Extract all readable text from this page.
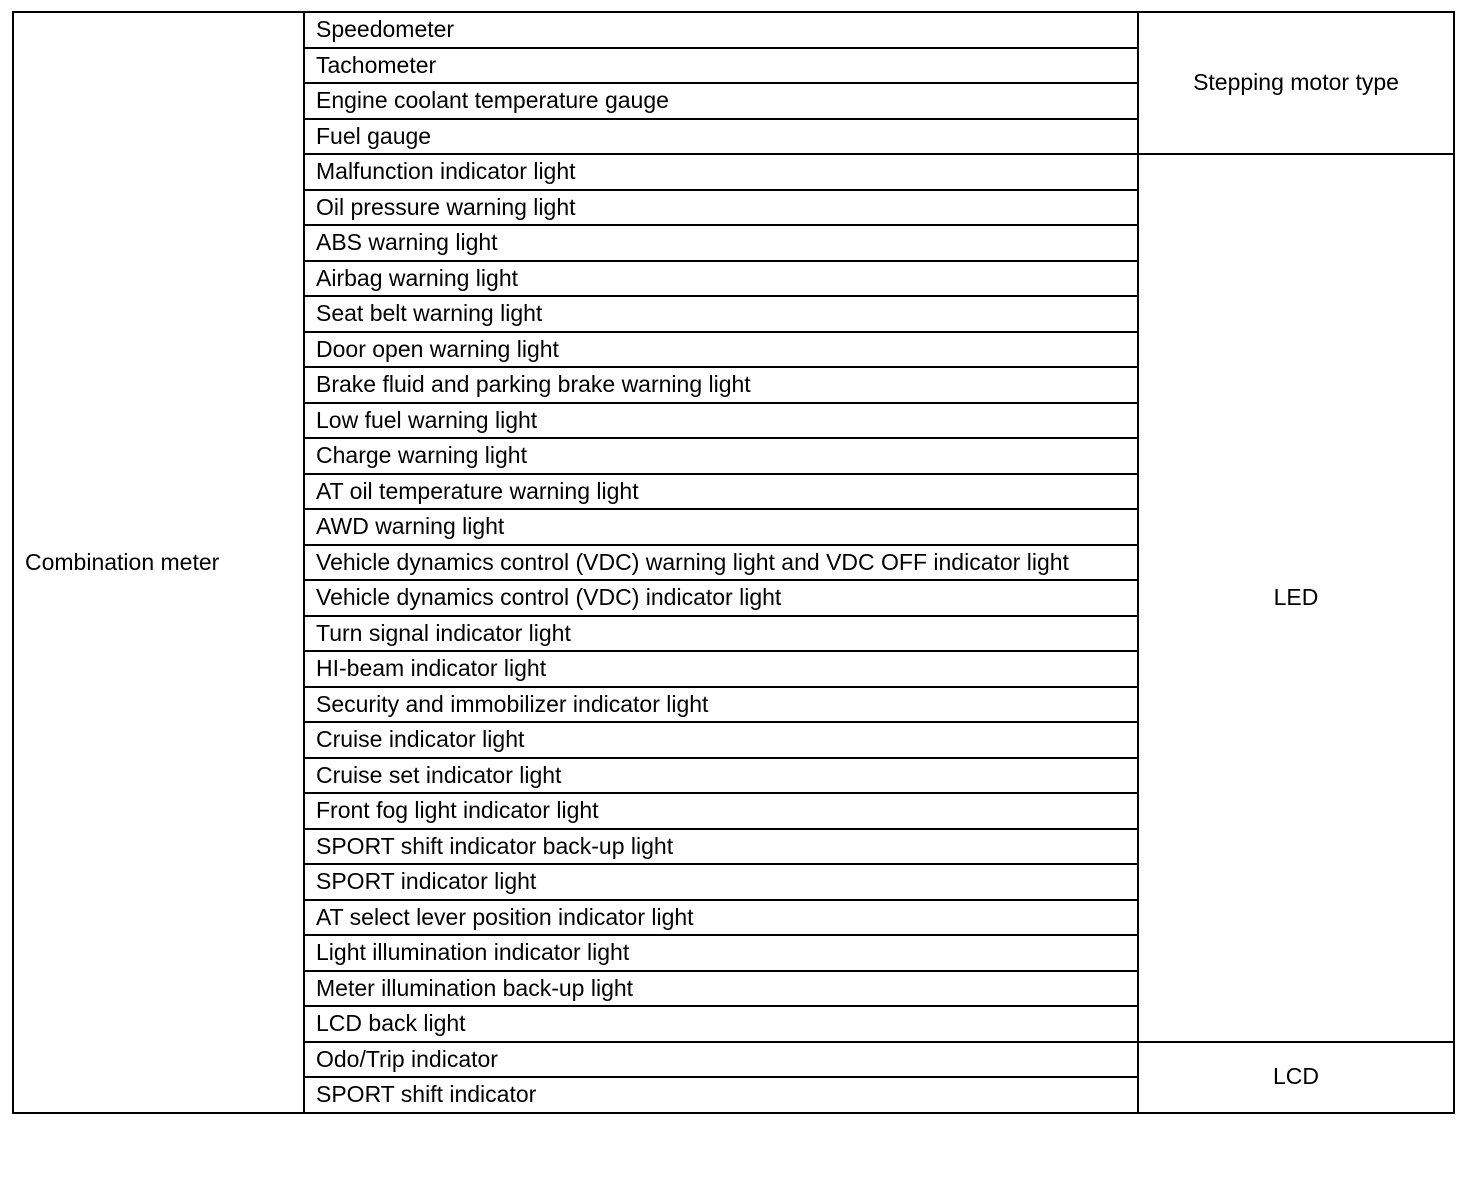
Combination meter	Speedometer	Stepping motor type
	Tachometer	
	Engine coolant temperature gauge	
	Fuel gauge	
	Malfunction indicator light	LED
	Oil pressure warning light	
	ABS warning light	
	Airbag warning light	
	Seat belt warning light	
	Door open warning light	
	Brake fluid and parking brake warning light	
	Low fuel warning light	
	Charge warning light	
	AT oil temperature warning light	
	AWD warning light	
	Vehicle dynamics control (VDC) warning light and VDC OFF indicator light	
	Vehicle dynamics control (VDC) indicator light	
	Turn signal indicator light	
	HI-beam indicator light	
	Security and immobilizer indicator light	
	Cruise indicator light	
	Cruise set indicator light	
	Front fog light indicator light	
	SPORT shift indicator back-up light	
	SPORT indicator light	
	AT select lever position indicator light	
	Light illumination indicator light	
	Meter illumination back-up light	
	LCD back light	
	Odo/Trip indicator	LCD
	SPORT shift indicator	
